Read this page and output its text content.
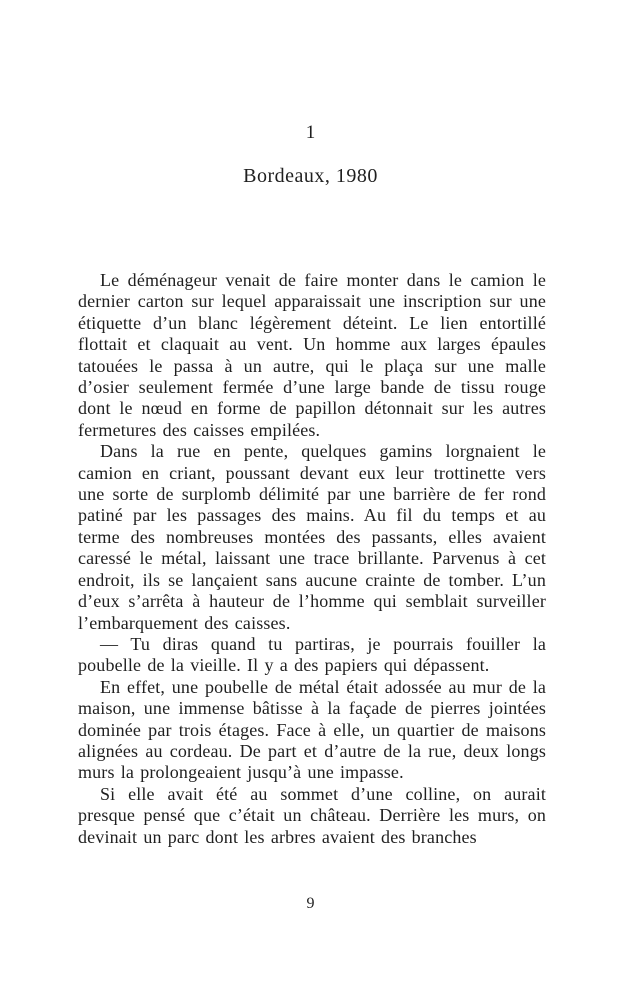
1
Bordeaux, 1980

Le déménageur venait de faire monter dans le camion le dernier carton sur lequel apparaissait une inscription sur une étiquette d’un blanc légèrement déteint. Le lien entortillé flottait et claquait au vent. Un homme aux larges épaules tatouées le passa à un autre, qui le plaça sur une malle d’osier seulement fermée d’une large bande de tissu rouge dont le nœud en forme de papillon détonnait sur les autres fermetures des caisses empilées.

Dans la rue en pente, quelques gamins lorgnaient le camion en criant, poussant devant eux leur trottinette vers une sorte de surplomb délimité par une barrière de fer rond patiné par les passages des mains. Au fil du temps et au terme des nombreuses montées des passants, elles avaient caressé le métal, laissant une trace brillante. Parvenus à cet endroit, ils se lançaient sans aucune crainte de tomber. L’un d’eux s’arrêta à hauteur de l’homme qui semblait surveiller l’embarquement des caisses.

— Tu diras quand tu partiras, je pourrais fouiller la poubelle de la vieille. Il y a des papiers qui dépassent.

En effet, une poubelle de métal était adossée au mur de la maison, une immense bâtisse à la façade de pierres jointées dominée par trois étages. Face à elle, un quartier de maisons alignées au cordeau. De part et d’autre de la rue, deux longs murs la prolongeaient jusqu’à une impasse.

Si elle avait été au sommet d’une colline, on aurait presque pensé que c’était un château. Derrière les murs, on devinait un parc dont les arbres avaient des branches

9
